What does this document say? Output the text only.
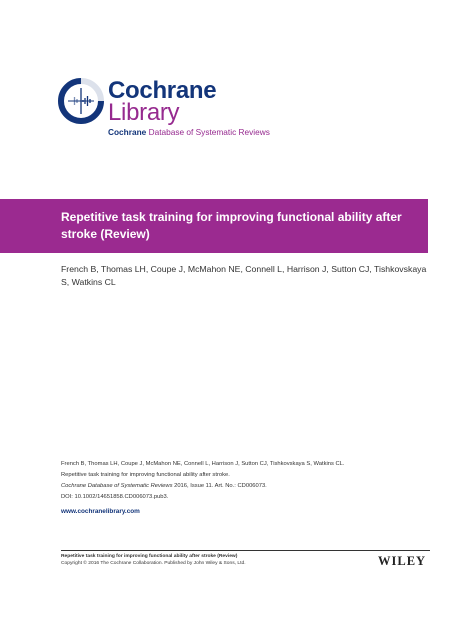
Cochrane
Library
Cochrane Database of Systematic Reviews
Repetitive task training for improving functional ability after stroke (Review)
French B, Thomas LH, Coupe J, McMahon NE, Connell L, Harrison J, Sutton CJ, Tishkovskaya S, Watkins CL
French B, Thomas LH, Coupe J, McMahon NE, Connell L, Harrison J, Sutton CJ, Tishkovskaya S, Watkins CL.
Repetitive task training for improving functional ability after stroke.
Cochrane Database of Systematic Reviews 2016, Issue 11. Art. No.: CD006073.
DOI: 10.1002/14651858.CD006073.pub3.
www.cochranelibrary.com
Repetitive task training for improving functional ability after stroke (Review)
Copyright © 2016 The Cochrane Collaboration. Published by John Wiley & Sons, Ltd.	WILEY
